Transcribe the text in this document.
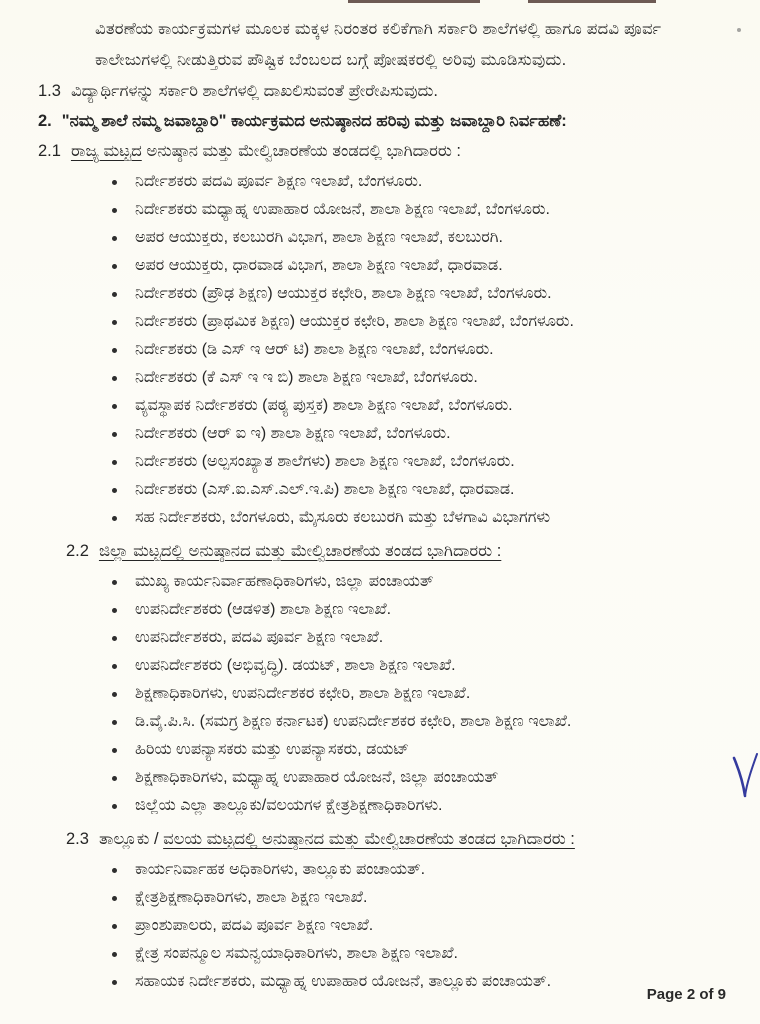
ವಿತರಣೆಯ ಕಾರ್ಯಕ್ರಮಗಳ ಮೂಲಕ ಮಕ್ಕಳ ನಿರಂತರ ಕಲಿಕೆಗಾಗಿ ಸರ್ಕಾರಿ ಶಾಲೆಗಳಲ್ಲಿ ಹಾಗೂ ಪದವಿ ಪೂರ್ವ ಕಾಲೇಜುಗಳಲ್ಲಿ ನೀಡುತ್ತಿರುವ ಪೌಷ್ಟಿಕ ಬೆಂಬಲದ ಬಗ್ಗೆ ಪೋಷಕರಲ್ಲಿ ಅರಿವು ಮೂಡಿಸುವುದು.

1.3 ವಿದ್ಯಾರ್ಥಿಗಳನ್ನು ಸರ್ಕಾರಿ ಶಾಲೆಗಳಲ್ಲಿ ದಾಖಲಿಸುವಂತೆ ಪ್ರೇರೇಪಿಸುವುದು.
2. "ನಮ್ಮ ಶಾಲೆ ನಮ್ಮ ಜವಾಬ್ದಾರಿ" ಕಾರ್ಯಕ್ರಮದ ಅನುಷ್ಠಾನದ ಹರಿವು ಮತ್ತು ಜವಾಬ್ದಾರಿ ನಿರ್ವಹಣೆ:
2.1 ರಾಜ್ಯ ಮಟ್ಟದ ಅನುಷ್ಠಾನ ಮತ್ತು ಮೇಲ್ವಿಚಾರಣೆಯ ತಂಡದಲ್ಲಿ ಭಾಗಿದಾರರು :
ನಿರ್ದೇಶಕರು ಪದವಿ ಪೂರ್ವ ಶಿಕ್ಷಣ ಇಲಾಖೆ, ಬೆಂಗಳೂರು.
ನಿರ್ದೇಶಕರು ಮಧ್ಯಾಹ್ನ ಉಪಾಹಾರ ಯೋಜನೆ, ಶಾಲಾ ಶಿಕ್ಷಣ ಇಲಾಖೆ, ಬೆಂಗಳೂರು.
ಅಪರ ಆಯುಕ್ತರು, ಕಲಬುರಗಿ ವಿಭಾಗ, ಶಾಲಾ ಶಿಕ್ಷಣ ಇಲಾಖೆ, ಕಲಬುರಗಿ.
ಅಪರ ಆಯುಕ್ತರು, ಧಾರವಾಡ ವಿಭಾಗ, ಶಾಲಾ ಶಿಕ್ಷಣ ಇಲಾಖೆ, ಧಾರವಾಡ.
ನಿರ್ದೇಶಕರು (ಪ್ರೌಢ ಶಿಕ್ಷಣ) ಆಯುಕ್ತರ ಕಛೇರಿ, ಶಾಲಾ ಶಿಕ್ಷಣ ಇಲಾಖೆ, ಬೆಂಗಳೂರು.
ನಿರ್ದೇಶಕರು (ಪ್ರಾಥಮಿಕ ಶಿಕ್ಷಣ) ಆಯುಕ್ತರ ಕಛೇರಿ, ಶಾಲಾ ಶಿಕ್ಷಣ ಇಲಾಖೆ, ಬೆಂಗಳೂರು.
ನಿರ್ದೇಶಕರು (ಡಿ ಎಸ್ ಇ ಆರ್ ಟಿ) ಶಾಲಾ ಶಿಕ್ಷಣ ಇಲಾಖೆ, ಬೆಂಗಳೂರು.
ನಿರ್ದೇಶಕರು (ಕೆ ಎಸ್ ಇ ಇ ಬಿ) ಶಾಲಾ ಶಿಕ್ಷಣ ಇಲಾಖೆ, ಬೆಂಗಳೂರು.
ವ್ಯವಸ್ಥಾಪಕ ನಿರ್ದೇಶಕರು (ಪಠ್ಯ ಪುಸ್ತಕ) ಶಾಲಾ ಶಿಕ್ಷಣ ಇಲಾಖೆ, ಬೆಂಗಳೂರು.
ನಿರ್ದೇಶಕರು (ಆರ್ ಐ ಇ) ಶಾಲಾ ಶಿಕ್ಷಣ ಇಲಾಖೆ, ಬೆಂಗಳೂರು.
ನಿರ್ದೇಶಕರು (ಅಲ್ಪಸಂಖ್ಯಾತ ಶಾಲೆಗಳು) ಶಾಲಾ ಶಿಕ್ಷಣ ಇಲಾಖೆ, ಬೆಂಗಳೂರು.
ನಿರ್ದೇಶಕರು (ಎಸ್.ಐ.ಎಸ್.ಎಲ್.ಇ.ಪಿ) ಶಾಲಾ ಶಿಕ್ಷಣ ಇಲಾಖೆ, ಧಾರವಾಡ.
ಸಹ ನಿರ್ದೇಶಕರು, ಬೆಂಗಳೂರು, ಮೈಸೂರು ಕಲಬುರಗಿ ಮತ್ತು ಬೆಳಗಾವಿ ವಿಭಾಗಗಳು
2.2 ಜಿಲ್ಲಾ ಮಟ್ಟದಲ್ಲಿ ಅನುಷ್ಠಾನದ ಮತ್ತು ಮೇಲ್ವಿಚಾರಣೆಯ ತಂಡದ ಭಾಗಿದಾರರು :
ಮುಖ್ಯ ಕಾರ್ಯನಿರ್ವಾಹಣಾಧಿಕಾರಿಗಳು, ಜಿಲ್ಲಾ ಪಂಚಾಯತ್
ಉಪನಿರ್ದೇಶಕರು (ಆಡಳಿತ) ಶಾಲಾ ಶಿಕ್ಷಣ ಇಲಾಖೆ.
ಉಪನಿರ್ದೇಶಕರು, ಪದವಿ ಪೂರ್ವ ಶಿಕ್ಷಣ ಇಲಾಖೆ.
ಉಪನಿರ್ದೇಶಕರು (ಅಭಿವೃದ್ಧಿ). ಡಯಟ್, ಶಾಲಾ ಶಿಕ್ಷಣ ಇಲಾಖೆ.
ಶಿಕ್ಷಣಾಧಿಕಾರಿಗಳು, ಉಪನಿರ್ದೇಶಕರ ಕಛೇರಿ, ಶಾಲಾ ಶಿಕ್ಷಣ ಇಲಾಖೆ.
ಡಿ.ವೈ.ಪಿ.ಸಿ. (ಸಮಗ್ರ ಶಿಕ್ಷಣ ಕರ್ನಾಟಕ) ಉಪನಿರ್ದೇಶಕರ ಕಛೇರಿ, ಶಾಲಾ ಶಿಕ್ಷಣ ಇಲಾಖೆ.
ಹಿರಿಯ ಉಪನ್ಯಾಸಕರು ಮತ್ತು ಉಪನ್ಯಾಸಕರು, ಡಯಟ್
ಶಿಕ್ಷಣಾಧಿಕಾರಿಗಳು, ಮಧ್ಯಾಹ್ನ ಉಪಾಹಾರ ಯೋಜನೆ, ಜಿಲ್ಲಾ ಪಂಚಾಯತ್
ಜಿಲ್ಲೆಯ ಎಲ್ಲಾ ತಾಲ್ಲೂಕು/ವಲಯಗಳ ಕ್ಷೇತ್ರಶಿಕ್ಷಣಾಧಿಕಾರಿಗಳು.
2.3 ತಾಲ್ಲೂಕು / ವಲಯ ಮಟ್ಟದಲ್ಲಿ ಅನುಷ್ಠಾನದ ಮತ್ತು ಮೇಲ್ವಿಚಾರಣೆಯ ತಂಡದ ಭಾಗಿದಾರರು :
ಕಾರ್ಯನಿರ್ವಾಹಕ ಅಧಿಕಾರಿಗಳು, ತಾಲ್ಲೂಕು ಪಂಚಾಯತ್.
ಕ್ಷೇತ್ರಶಿಕ್ಷಣಾಧಿಕಾರಿಗಳು, ಶಾಲಾ ಶಿಕ್ಷಣ ಇಲಾಖೆ.
ಪ್ರಾಂಶುಪಾಲರು, ಪದವಿ ಪೂರ್ವ ಶಿಕ್ಷಣ ಇಲಾಖೆ.
ಕ್ಷೇತ್ರ ಸಂಪನ್ಮೂಲ ಸಮನ್ವಯಾಧಿಕಾರಿಗಳು, ಶಾಲಾ ಶಿಕ್ಷಣ ಇಲಾಖೆ.
ಸಹಾಯಕ ನಿರ್ದೇಶಕರು, ಮಧ್ಯಾಹ್ನ ಉಪಾಹಾರ ಯೋಜನೆ, ತಾಲ್ಲೂಕು ಪಂಚಾಯತ್.
Page 2 of 9
